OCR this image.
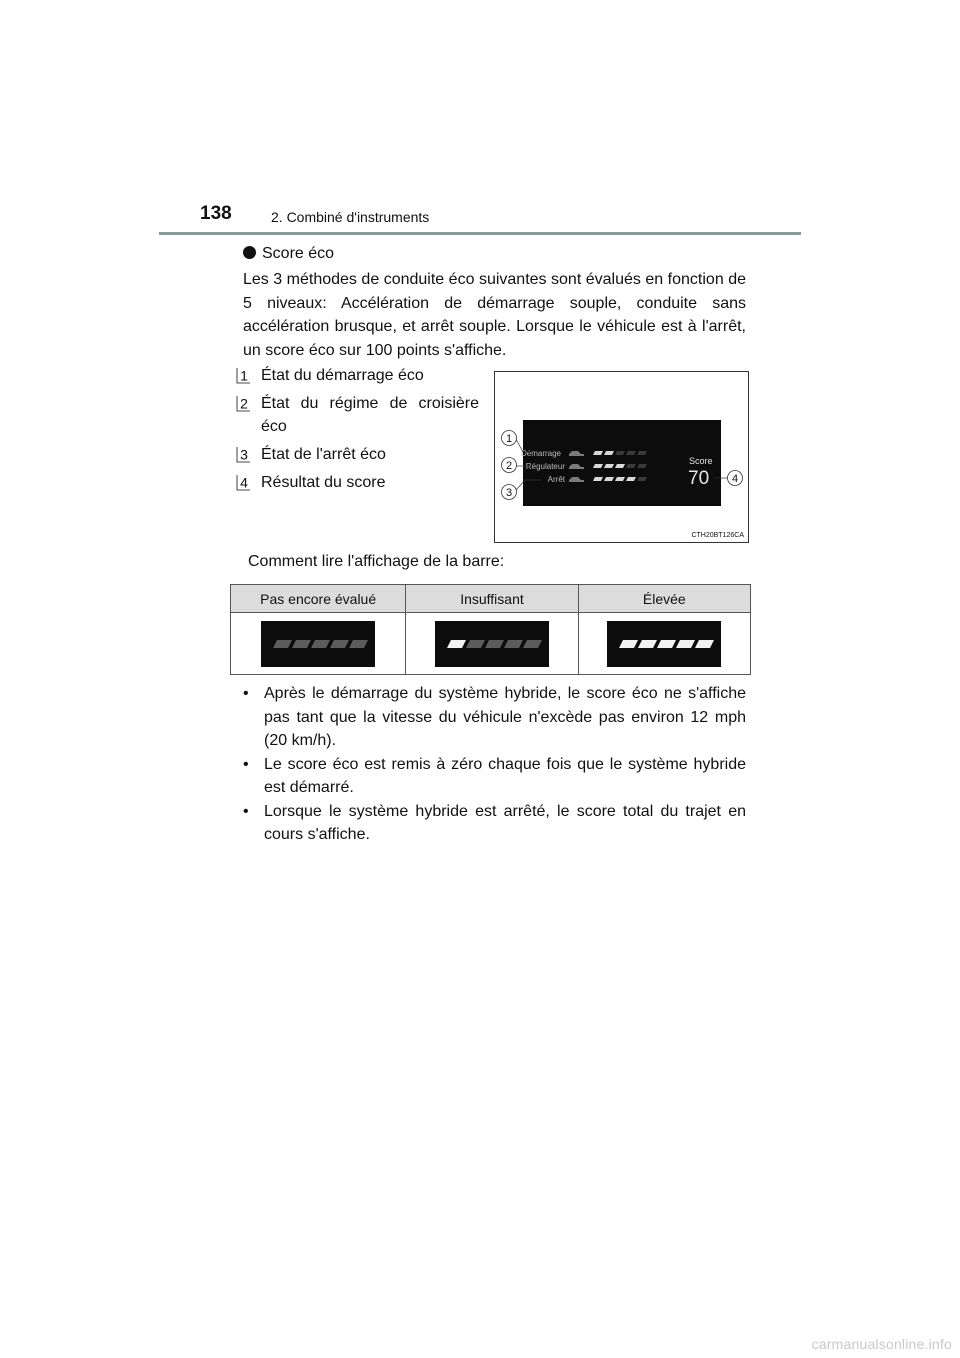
138	2. Combiné d'instruments
Score éco
Les 3 méthodes de conduite éco suivantes sont évalués en fonction de 5 niveaux: Accélération de démarrage souple, conduite sans accélération brusque, et arrêt souple. Lorsque le véhicule est à l'arrêt, un score éco sur 100 points s'affiche.
1 État du démarrage éco
2 État du régime de croisière éco
3 État de l'arrêt éco
4 Résultat du score
Démarrage
Régulateur
Arrêt
Score
70
1
2
3
4
CTH20BT126CA
Comment lire l'affichage de la barre:
Pas encore évalué	Insuffisant	Élevée

• Après le démarrage du système hybride, le score éco ne s'affiche pas tant que la vitesse du véhicule n'excède pas environ 12 mph (20 km/h).
• Le score éco est remis à zéro chaque fois que le système hybride est démarré.
• Lorsque le système hybride est arrêté, le score total du trajet en cours s'affiche.
carmanualsonline.info
